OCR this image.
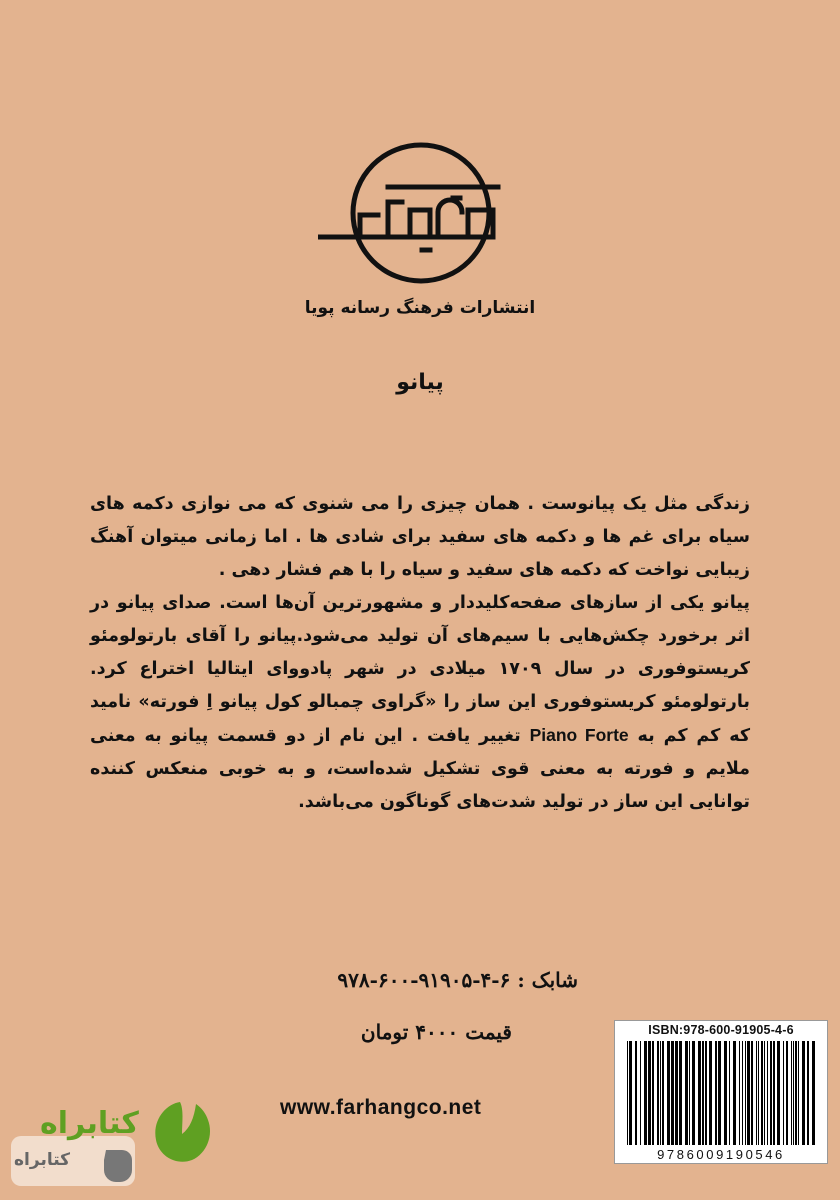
انتشارات فرهنگ رسانه پویا
پیانو

زندگی مثل یک پیانوست . همان چیزی را می شنوی که می نوازی دکمه های سیاه برای غم ها و دکمه های سفید برای شادی ها . اما زمانی میتوان آهنگ زیبایی نواخت که دکمه های سفید و سیاه را با هم فشار دهی .

پیانو یکی از سازهای صفحه‌کلیددار و مشهورترین آن‌ها است. صدای پیانو در اثر برخورد چکش‌هایی با سیم‌های آن تولید می‌شود.پیانو را آقای بارتولومئو کریستوفوری در سال ۱۷۰۹ میلادی در شهر پادووای ایتالیا اختراع کرد. بارتولومئو کریستوفوری این ساز را «گراوی چمبالو کول پیانو اِ فورته» نامید که کم کم به Piano Forte تغییر یافت . این نام از دو قسمت پیانو به معنی ملایم و فورته به معنی قوی تشکیل شده‌است، و به خوبی منعکس کننده توانایی این ساز در تولید شدت‌های گوناگون می‌باشد.

شابک : ۶-۴-۹۱۹۰۵-۶۰۰-۹۷۸
قیمت ۴۰۰۰ تومان
www.farhangco.net
ISBN:978-600-91905-4-6
9786009190546
کتابراه
کتابراه
